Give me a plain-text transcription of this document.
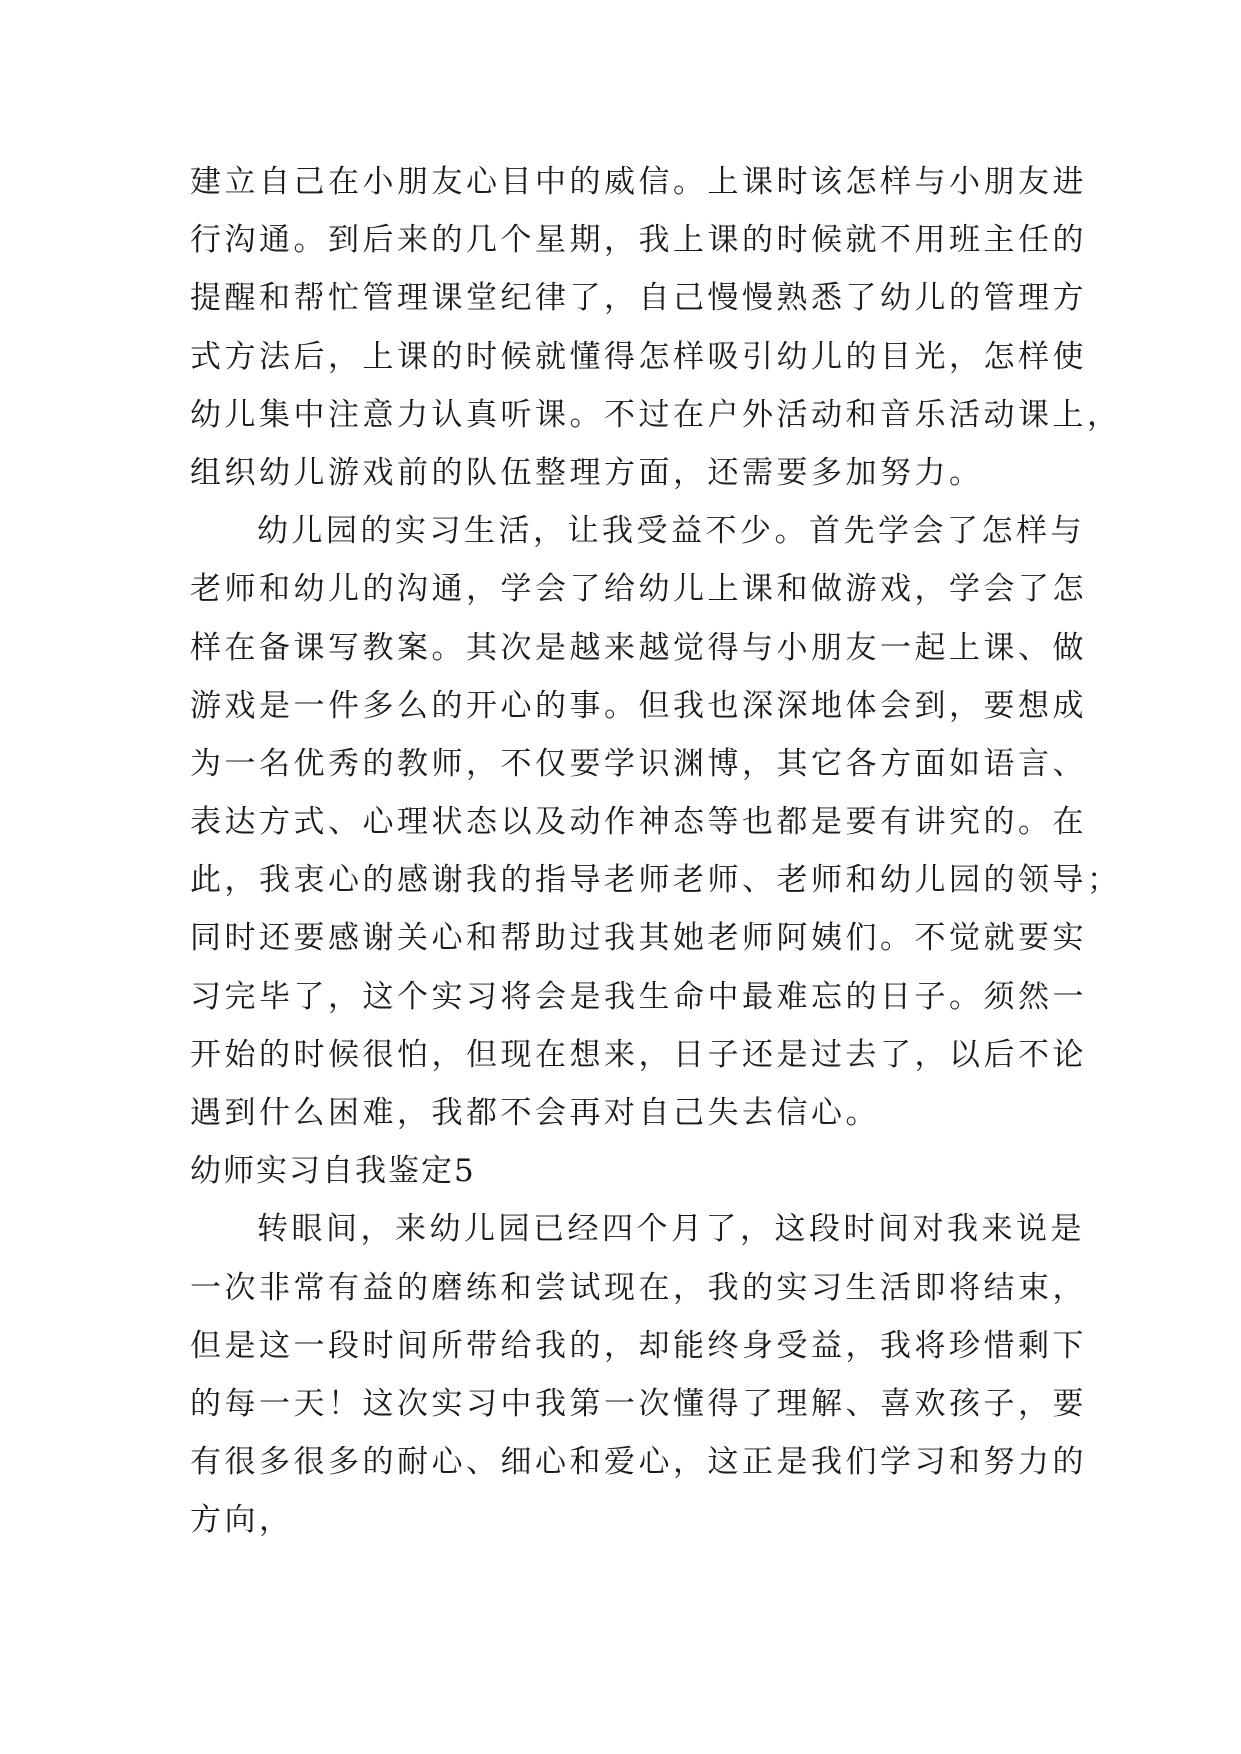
建立自己在小朋友心目中的威信。上课时该怎样与小朋友进
行沟通。到后来的几个星期，我上课的时候就不用班主任的
提醒和帮忙管理课堂纪律了，自己慢慢熟悉了幼儿的管理方
式方法后，上课的时候就懂得怎样吸引幼儿的目光，怎样使
幼儿集中注意力认真听课。不过在户外活动和音乐活动课上，
组织幼儿游戏前的队伍整理方面，还需要多加努力。
幼儿园的实习生活，让我受益不少。首先学会了怎样与
老师和幼儿的沟通，学会了给幼儿上课和做游戏，学会了怎
样在备课写教案。其次是越来越觉得与小朋友一起上课、做
游戏是一件多么的开心的事。但我也深深地体会到，要想成
为一名优秀的教师，不仅要学识渊博，其它各方面如语言、
表达方式、心理状态以及动作神态等也都是要有讲究的。在
此，我衷心的感谢我的指导老师老师、老师和幼儿园的领导；
同时还要感谢关心和帮助过我其她老师阿姨们。不觉就要实
习完毕了，这个实习将会是我生命中最难忘的日子。须然一
开始的时候很怕，但现在想来，日子还是过去了，以后不论
遇到什么困难，我都不会再对自己失去信心。
幼师实习自我鉴定5
转眼间，来幼儿园已经四个月了，这段时间对我来说是
一次非常有益的磨练和尝试现在，我的实习生活即将结束，
但是这一段时间所带给我的，却能终身受益，我将珍惜剩下
的每一天！这次实习中我第一次懂得了理解、喜欢孩子，要
有很多很多的耐心、细心和爱心，这正是我们学习和努力的
方向，
